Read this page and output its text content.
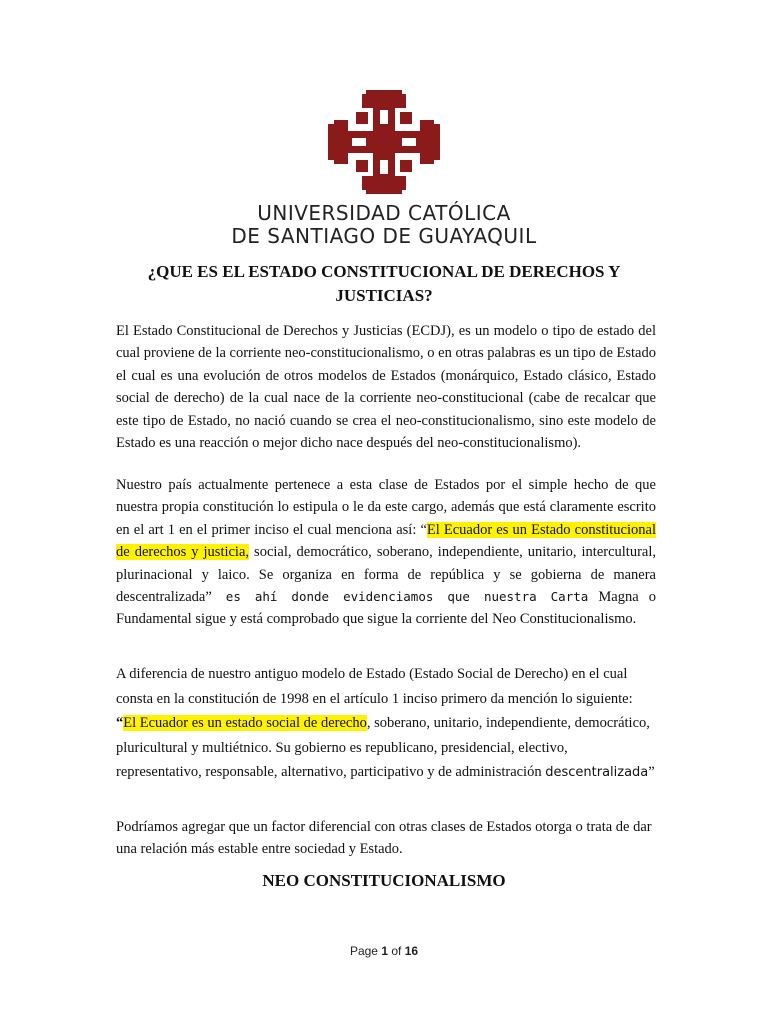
UNIVERSIDAD CATÓLICA
DE SANTIAGO DE GUAYAQUIL
¿QUE ES EL ESTADO CONSTITUCIONAL DE DERECHOS Y
JUSTICIAS?
El Estado Constitucional de Derechos y Justicias (ECDJ), es un modelo o tipo de estado del cual proviene de la corriente neo-constitucionalismo, o en otras palabras es un tipo de Estado el cual es una evolución de otros modelos de Estados (monárquico, Estado clásico, Estado social de derecho) de la cual nace de la corriente neo-constitucional (cabe de recalcar que este tipo de Estado, no nació cuando se crea el neo-constitucionalismo, sino este modelo de Estado es una reacción o mejor dicho nace después del neo-constitucionalismo).
Nuestro país actualmente pertenece a esta clase de Estados por el simple hecho de que nuestra propia constitución lo estipula o le da este cargo, además que está claramente escrito en el art 1 en el primer inciso el cual menciona así: “El Ecuador es un Estado constitucional de derechos y justicia, social, democrático, soberano, independiente, unitario, intercultural, plurinacional y laico. Se organiza en forma de república y se gobierna de manera descentralizada” es ahí donde evidenciamos que nuestra Carta Magna o Fundamental sigue y está comprobado que sigue la corriente del Neo Constitucionalismo.
A diferencia de nuestro antiguo modelo de Estado (Estado Social de Derecho) en el cual consta en la constitución de 1998 en el artículo 1 inciso primero da mención lo siguiente: “El Ecuador es un estado social de derecho, soberano, unitario, independiente, democrático, pluricultural y multiétnico. Su gobierno es republicano, presidencial, electivo, representativo, responsable, alternativo, participativo y de administración descentralizada”
Podríamos agregar que un factor diferencial con otras clases de Estados otorga o trata de dar una relación más estable entre sociedad y Estado.
NEO CONSTITUCIONALISMO
Page 1 of 16
